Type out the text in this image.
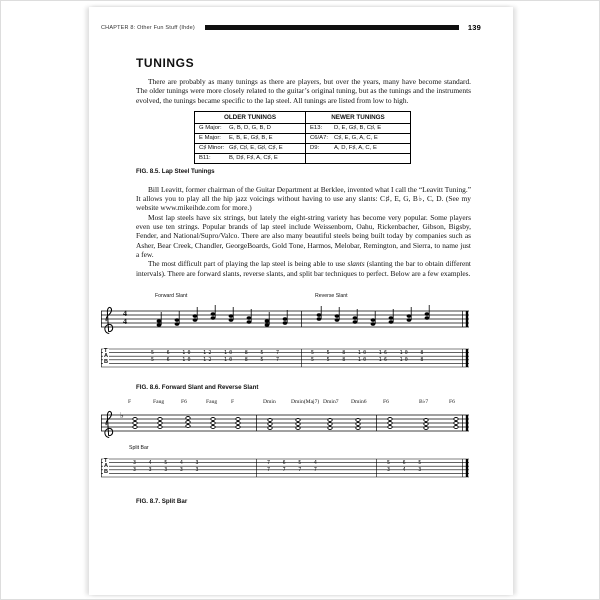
CHAPTER 8: Other Fun Stuff (Ihde)	139
TUNINGS

There are probably as many tunings as there are players, but over the years, many have become standard. The older tunings were more closely related to the guitar’s original tuning, but as the tunings and the instruments evolved, the tunings became specific to the lap steel. All tunings are listed from low to high.

OLDER TUNINGS	NEWER TUNINGS
G Major: G, B, D, G, B, D	E13: D, E, G♯, B, C♯, E
E Major: E, B, E, G♯, B, E	C6/A7: C♯, E, G, A, C, E
C♯ Minor: G♯, C♯, E, G♯, C♯, E	D9: A, D, F♯, A, C, E
B11: B, D♯, F♯, A, C♯, E	
FIG. 8.5. Lap Steel Tunings

Bill Leavitt, former chairman of the Guitar Department at Berklee, invented what I call the “Leavitt Tuning.” It allows you to play all the hip jazz voicings without having to use any slants: C♯, E, G, B♭, C, D. (See my website www.mikeihde.com for more.)

Most lap steels have six strings, but lately the eight-string variety has become very popular. Some players even use ten strings. Popular brands of lap steel include Weissenborn, Oahu, Rickenbacher, Gibson, Bigsby, Fender, and National/Supro/Valco. There are also many beautiful steels being built today by companies such as Asher, Bear Creek, Chandler, GeorgeBoards, Gold Tone, Harmos, Melobar, Remington, and Sierra, to name just a few.

The most difficult part of playing the lap steel is being able to use slants (slanting the bar to obtain different intervals). There are forward slants, reverse slants, and split bar techniques to perfect. Below are a few examples.

Forward Slant	Reverse Slant
4
4
T
A
B
5  6  10  12  10  8  5  7
5  6  10  12  10  8  5  7
5  5  8  10  16  10  8
5  5  8  10  16  10  8
FIG. 8.6. Forward Slant and Reverse Slant
F	Faug	F6	Faug F	Dmin	Dmin(Maj7) Dmin7 Dmin6	F6	B♭7	F6
♭
Split Bar
T
A
B
3  4  5  4  3
3  3  3  3  3
7  6  5  4
7  7  7  7
5  6  5
3  4  3
FIG. 8.7. Split Bar
